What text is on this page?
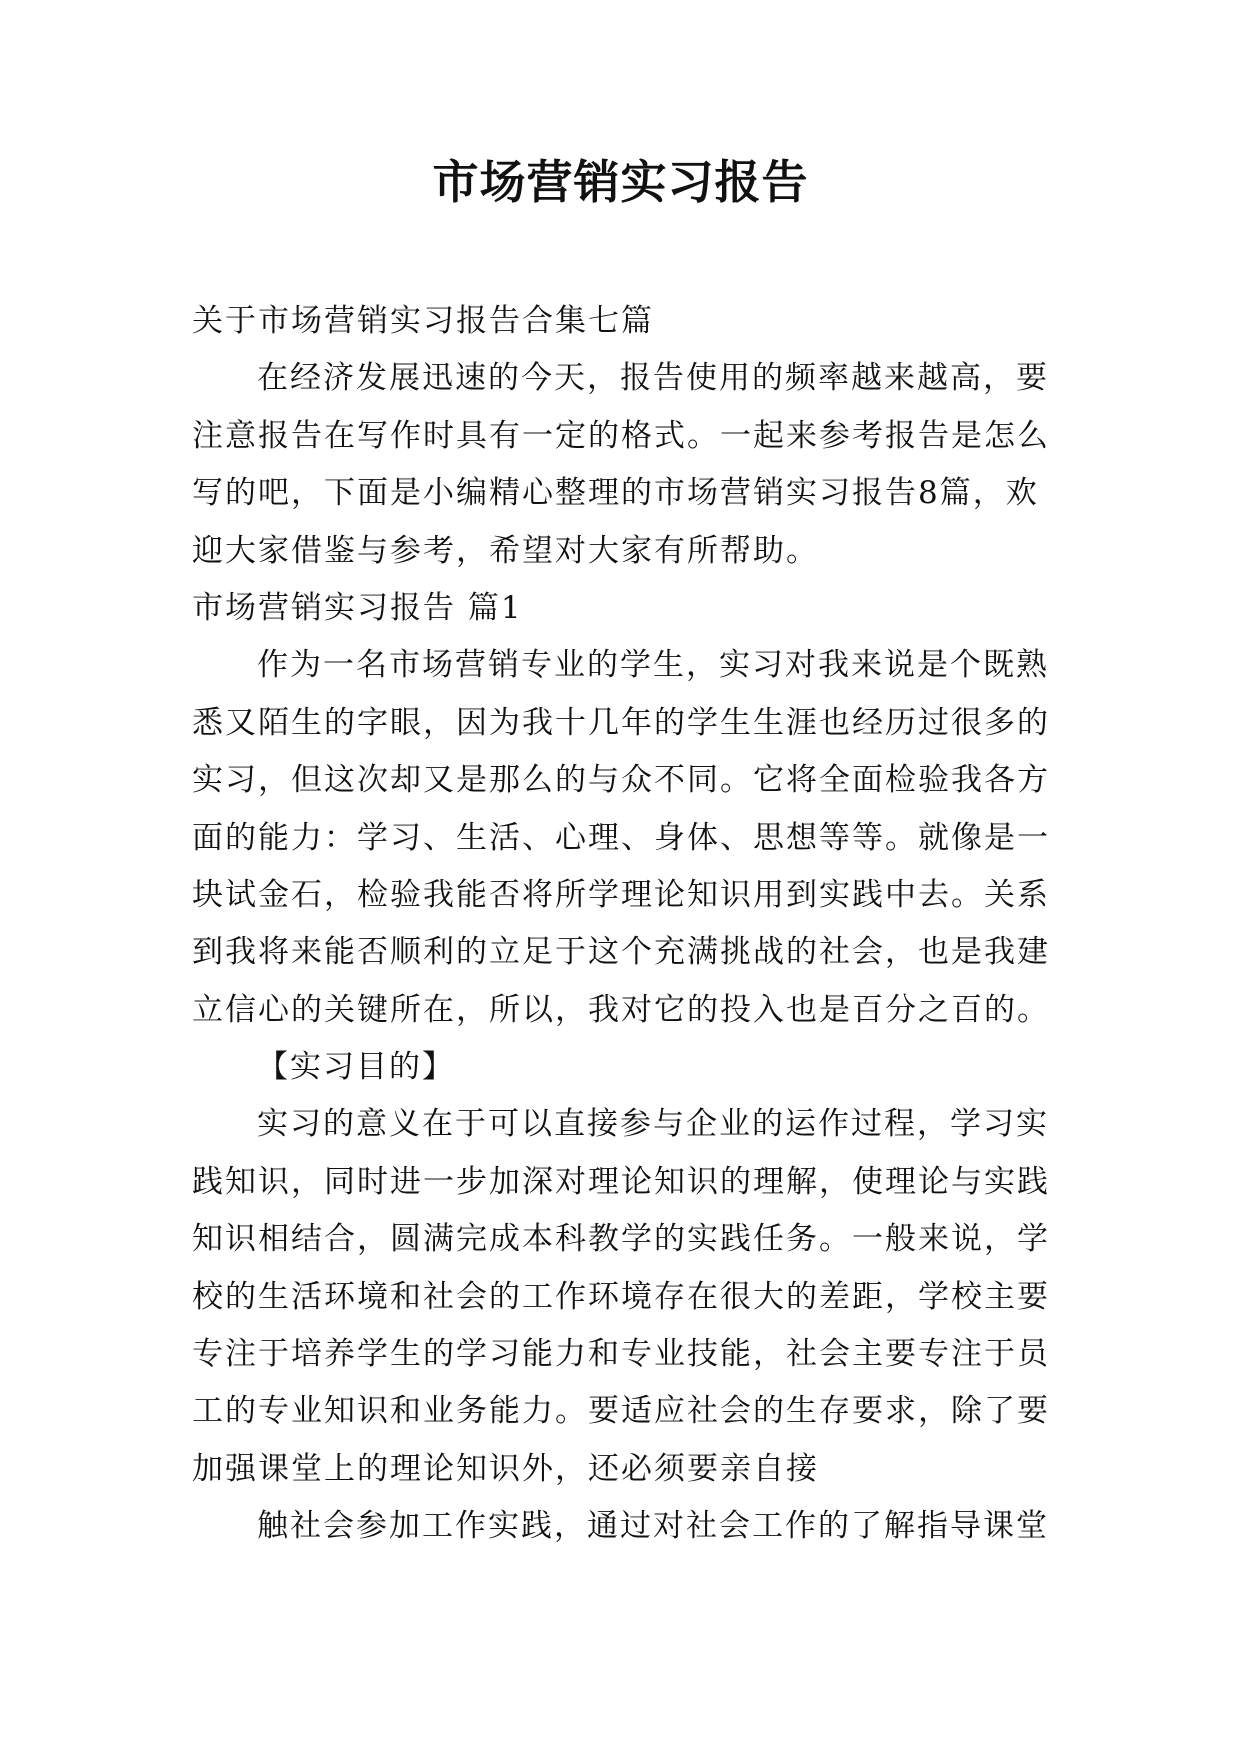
市场营销实习报告
关于市场营销实习报告合集七篇
在经济发展迅速的今天，报告使用的频率越来越高，要
注意报告在写作时具有一定的格式。一起来参考报告是怎么
写的吧，下面是小编精心整理的市场营销实习报告8篇，欢
迎大家借鉴与参考，希望对大家有所帮助。
市场营销实习报告 篇1
作为一名市场营销专业的学生，实习对我来说是个既熟
悉又陌生的字眼，因为我十几年的学生生涯也经历过很多的
实习，但这次却又是那么的与众不同。它将全面检验我各方
面的能力：学习、生活、心理、身体、思想等等。就像是一
块试金石，检验我能否将所学理论知识用到实践中去。关系
到我将来能否顺利的立足于这个充满挑战的社会，也是我建
立信心的关键所在，所以，我对它的投入也是百分之百的。
【实习目的】
实习的意义在于可以直接参与企业的运作过程，学习实
践知识，同时进一步加深对理论知识的理解，使理论与实践
知识相结合，圆满完成本科教学的实践任务。一般来说，学
校的生活环境和社会的工作环境存在很大的差距，学校主要
专注于培养学生的学习能力和专业技能，社会主要专注于员
工的专业知识和业务能力。要适应社会的生存要求，除了要
加强课堂上的理论知识外，还必须要亲自接
触社会参加工作实践，通过对社会工作的了解指导课堂
